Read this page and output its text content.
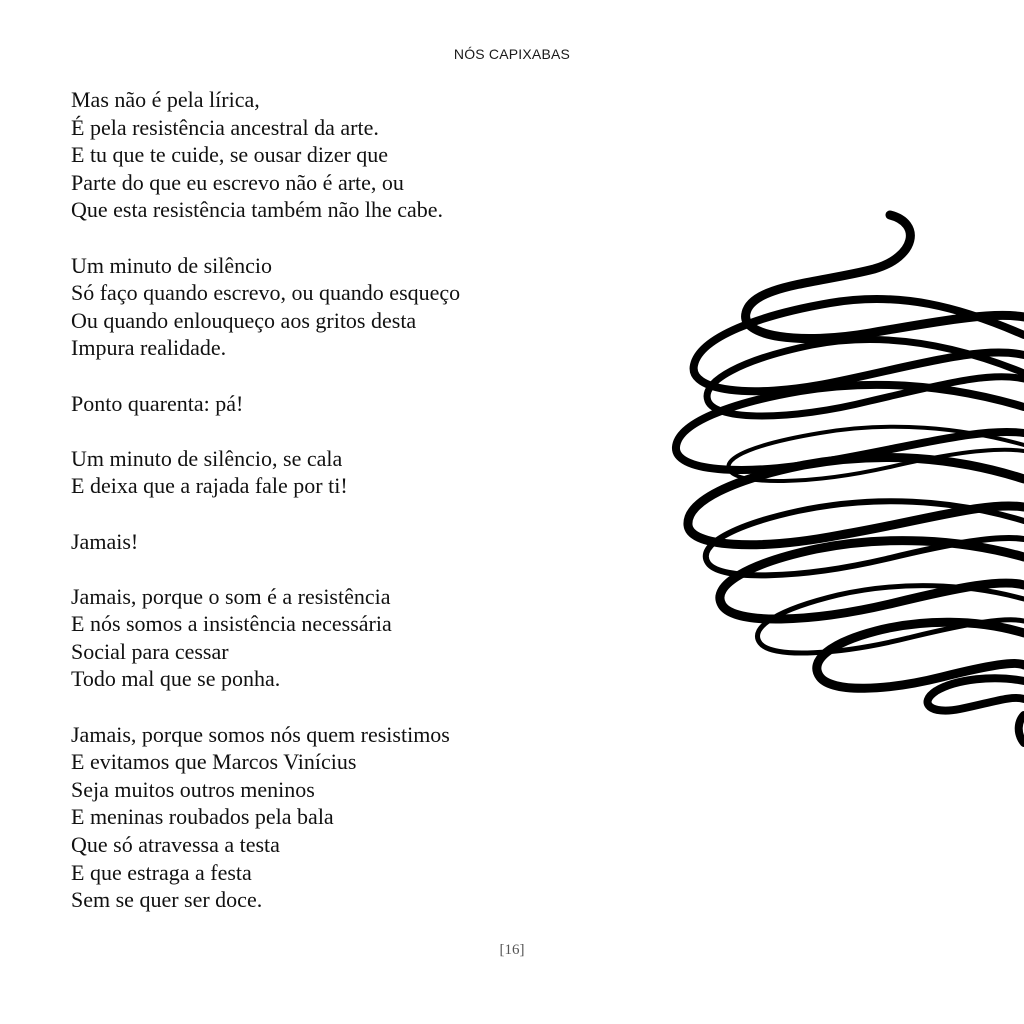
NÓS CAPIXABAS
Mas não é pela lírica,
É pela resistência ancestral da arte.
E tu que te cuide, se ousar dizer que
Parte do que eu escrevo não é arte, ou
Que esta resistência também não lhe cabe.
Um minuto de silêncio
Só faço quando escrevo, ou quando esqueço
Ou quando enlouqueço aos gritos desta
Impura realidade.
Ponto quarenta: pá!
Um minuto de silêncio, se cala
E deixa que a rajada fale por ti!
Jamais!
Jamais, porque o som é a resistência
E nós somos a insistência necessária
Social para cessar
Todo mal que se ponha.
Jamais, porque somos nós quem resistimos
E evitamos que Marcos Vinícius
Seja muitos outros meninos
E meninas roubados pela bala
Que só atravessa a testa
E que estraga a festa
Sem se quer ser doce.
[16]
